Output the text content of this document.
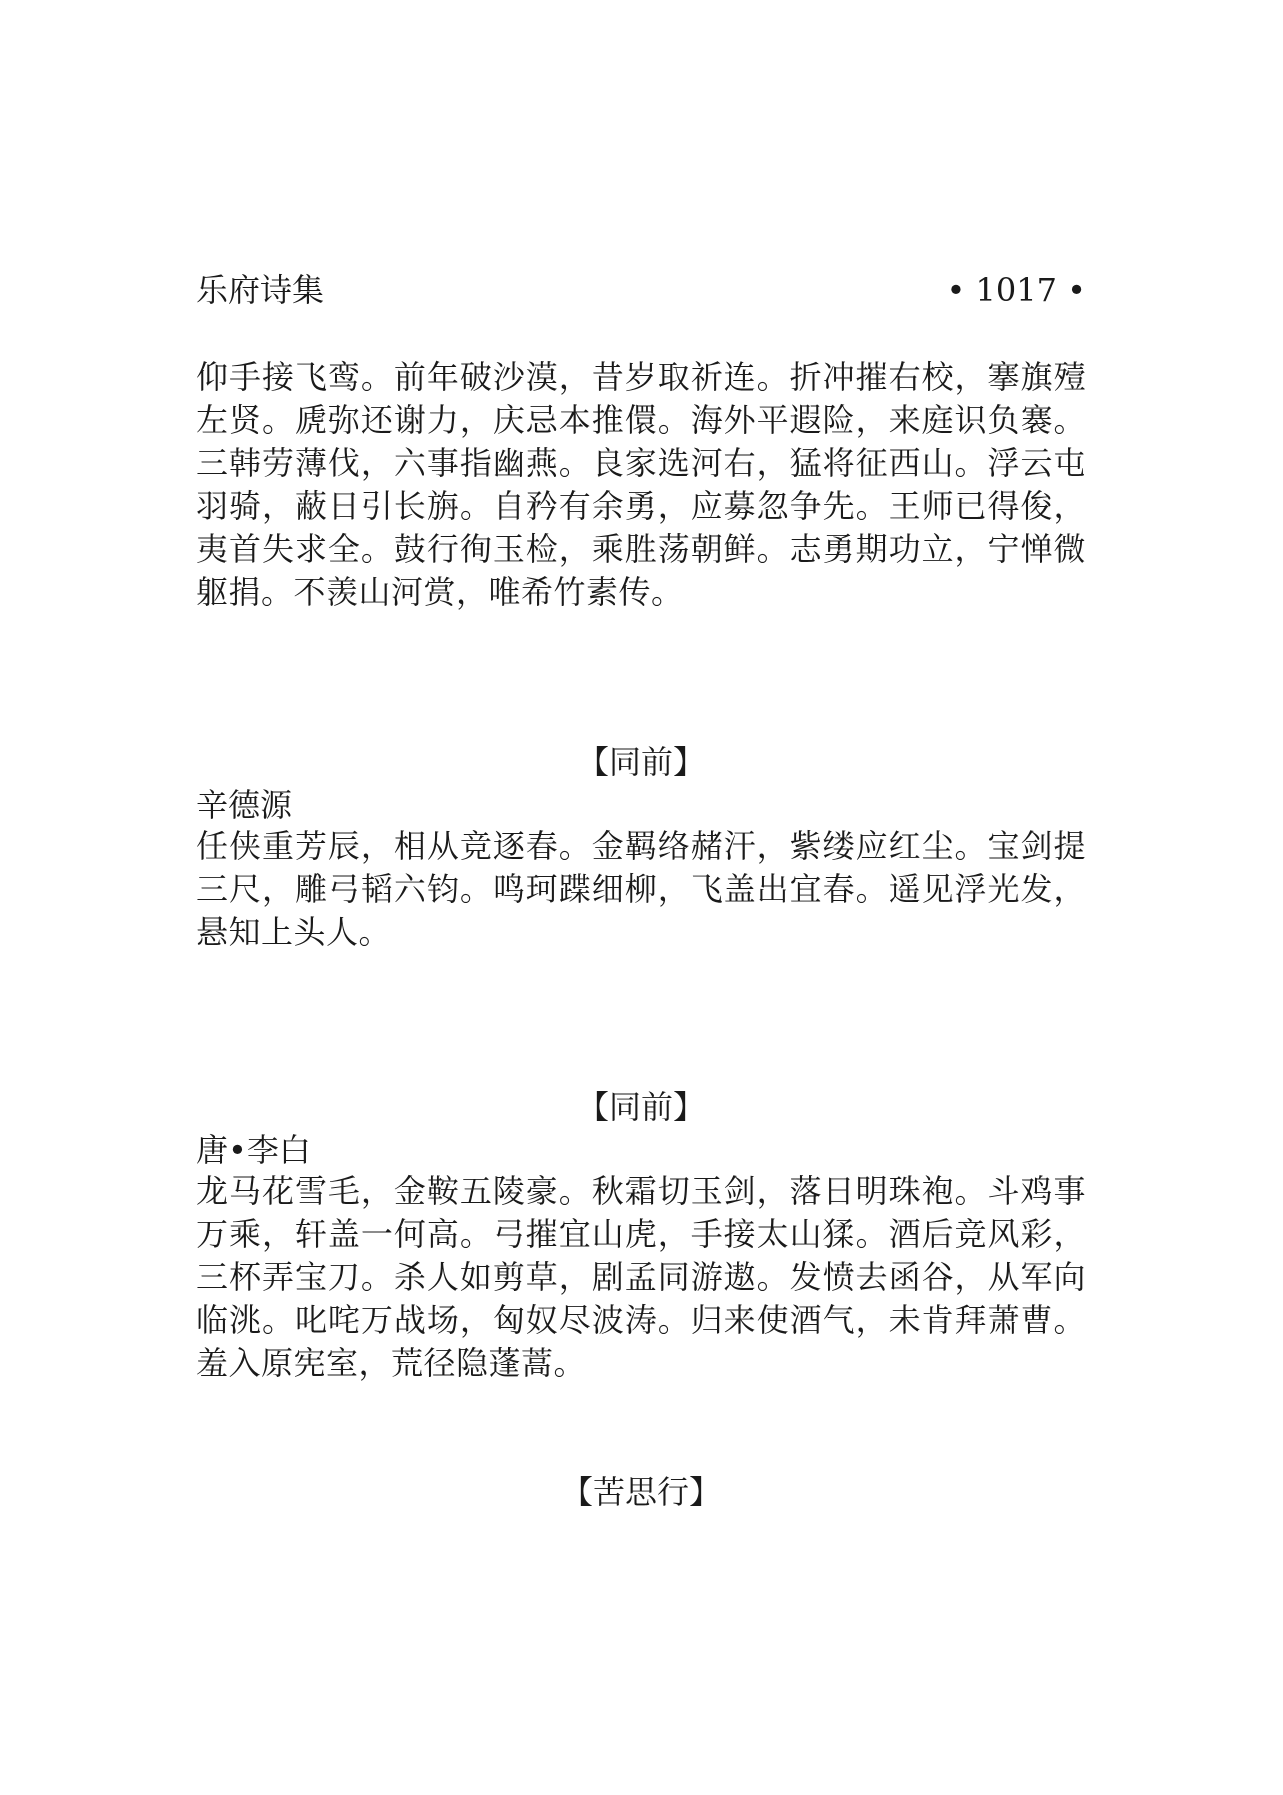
乐府诗集	• 1017 •
仰手接飞鸾。前年破沙漠，昔岁取祈连。折冲摧右校，搴旗殪左贤。虒弥还谢力，庆忌本推儇。海外平遐险，来庭识负褰。三韩劳薄伐，六事指幽燕。良家选河右，猛将征西山。浮云屯羽骑，蔽日引长旃。自矜有余勇，应募忽争先。王师已得俊，夷首失求全。鼓行徇玉检，乘胜荡朝鲜。志勇期功立，宁惮微躯捐。不羡山河赏，唯希竹素传。
【同前】
辛德源
任侠重芳辰，相从竞逐春。金羁络赭汗，紫缕应红尘。宝剑提三尺，雕弓韬六钧。鸣珂蹀细柳，飞盖出宜春。遥见浮光发，悬知上头人。
【同前】
唐•李白
龙马花雪毛，金鞍五陵豪。秋霜切玉剑，落日明珠袍。斗鸡事万乘，轩盖一何高。弓摧宜山虎，手接太山猱。酒后竞风彩，三杯弄宝刀。杀人如剪草，剧孟同游遨。发愤去函谷，从军向临洮。叱咤万战场，匈奴尽波涛。归来使酒气，未肯拜萧曹。羞入原宪室，荒径隐蓬蒿。
【苦思行】
